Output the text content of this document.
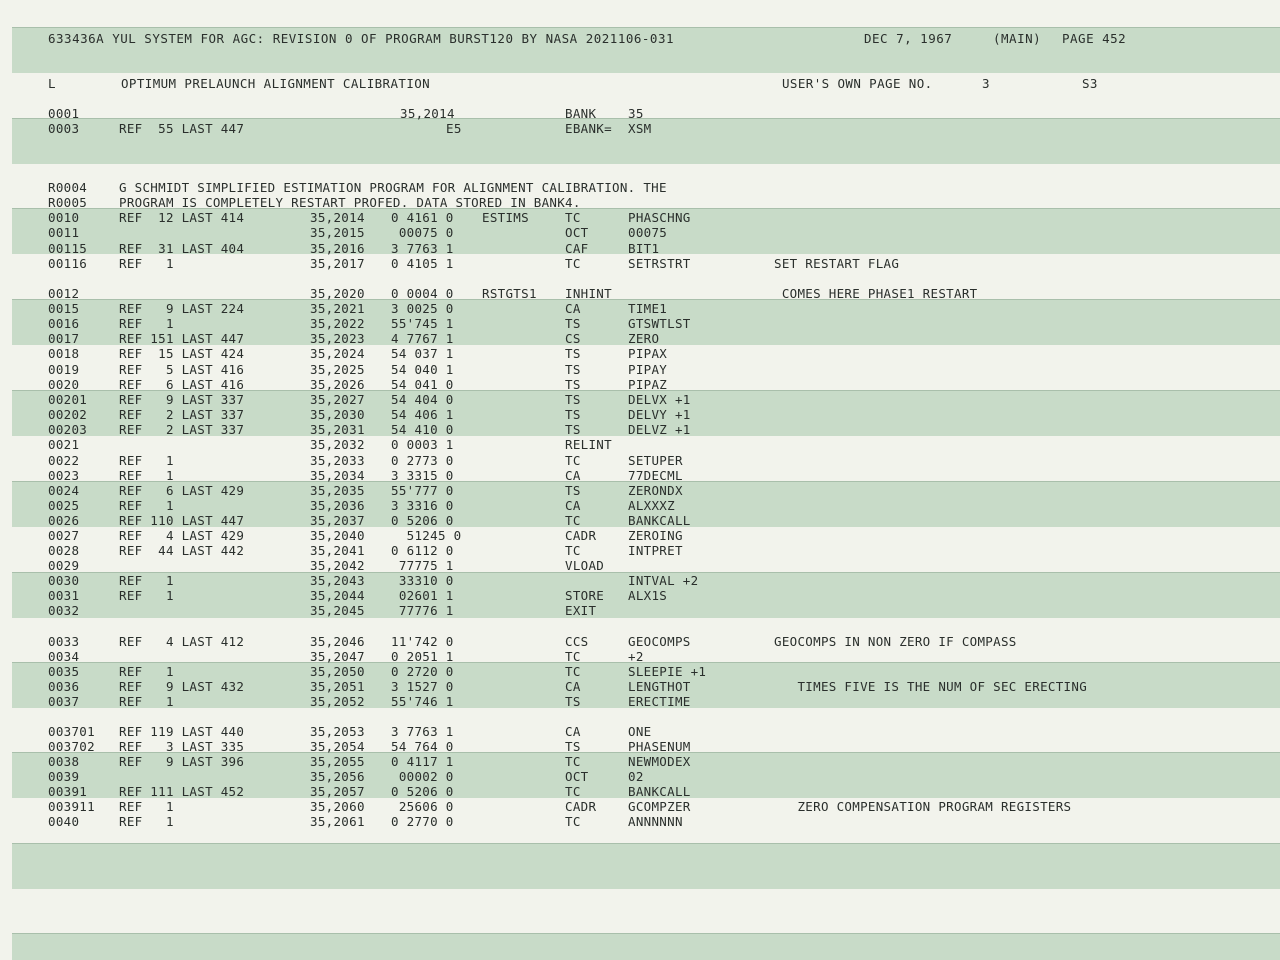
633436A YUL SYSTEM FOR AGC: REVISION 0 OF PROGRAM BURST120 BY NASA 2021106-031	DEC 7, 1967	(MAIN) PAGE 452
L	OPTIMUM PRELAUNCH ALIGNMENT CALIBRATION	USER'S OWN PAGE NO.	3	S3
0001	35,2014	BANK	35
0003	REF  55 LAST 447	E5	EBANK= XSM
R0004	G SCHMIDT SIMPLIFIED ESTIMATION PROGRAM FOR ALIGNMENT CALIBRATION. THE
R0005	PROGRAM IS COMPLETELY RESTART PROFED. DATA STORED IN BANK4.
0010	REF  12 LAST 414	35,2014 0 4161 0 ESTIMS	TC	PHASCHNG
0011	35,2015 00075 0	OCT	00075
00115	REF  31 LAST 404	35,2016 3 7763 1	CAF	BIT1
00116	REF   1	35,2017 0 4105 1	TC	SETRSTRT	SET RESTART FLAG
0012	35,2020 0 0004 0 RSTGTS1 INHINT	COMES HERE PHASE1 RESTART
0015	REF   9 LAST 224	35,2021 3 0025 0	CA	TIME1
0016	REF   1	35,2022 55'745 1	TS	GTSWTLST
0017	REF 151 LAST 447	35,2023 4 7767 1	CS	ZERO
0018	REF  15 LAST 424	35,2024 54 037 1	TS	PIPAX
0019	REF   5 LAST 416	35,2025 54 040 1	TS	PIPAY
0020	REF   6 LAST 416	35,2026 54 041 0	TS	PIPAZ
00201	REF   9 LAST 337	35,2027 54 404 0	TS	DELVX +1
00202	REF   2 LAST 337	35,2030 54 406 1	TS	DELVY +1
00203	REF   2 LAST 337	35,2031 54 410 0	TS	DELVZ +1
0021	35,2032 0 0003 1	RELINT
0022	REF   1	35,2033 0 2773 0	TC	SETUPER
0023	REF   1	35,2034 3 3315 0	CA	77DECML
0024	REF   6 LAST 429	35,2035 55'777 0	TS	ZERONDX
0025	REF   1	35,2036 3 3316 0	CA	ALXXXZ
0026	REF 110 LAST 447	35,2037 0 5206 0	TC	BANKCALL
0027	REF   4 LAST 429	35,2040 51245 0	CADR	ZEROING
0028	REF  44 LAST 442	35,2041 0 6112 0	TC	INTPRET
0029	35,2042 77775 1	VLOAD
0030	REF   1	35,2043 33310 0	INTVAL +2
0031	REF   1	35,2044 02601 1	STORE ALX1S
0032	35,2045 77776 1	EXIT
0033	REF   4 LAST 412	35,2046 11'742 0	CCS	GEOCOMPS	GEOCOMPS IN NON ZERO IF COMPASS
0034	35,2047 0 2051 1	TC	+2
0035	REF   1	35,2050 0 2720 0	TC	SLEEPIE +1
0036	REF   9 LAST 432	35,2051 3 1527 0	CA	LENGTHOT	TIMES FIVE IS THE NUM OF SEC ERECTING
0037	REF   1	35,2052 55'746 1	TS	ERECTIME
003701 REF 119 LAST 440	35,2053 3 7763 1	CA	ONE
003702 REF   3 LAST 335	35,2054 54 764 0	TS	PHASENUM
0038	REF   9 LAST 396	35,2055 0 4117 1	TC	NEWMODEX
0039	35,2056 00002 0	OCT	02
00391	REF 111 LAST 452	35,2057 0 5206 0	TC	BANKCALL
003911 REF   1	35,2060 25606 0	CADR	GCOMPZER	ZERO COMPENSATION PROGRAM REGISTERS
0040	REF   1	35,2061 0 2770 0	TC	ANNNNNN
